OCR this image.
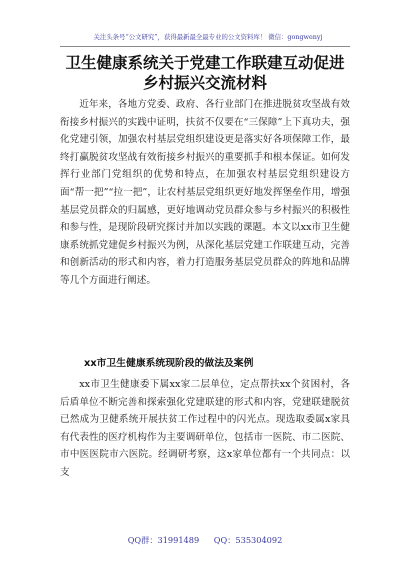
关注头条号“公文研究”，获得最新最全最专业的公文资料库！ 微信：gongwenyj
卫生健康系统关于党建工作联建互动促进
乡村振兴交流材料

近年来，各地方党委、政府、各行业部门在推进脱贫攻坚战有效衔接乡村振兴的实践中证明，扶贫不仅要在“三保障”上下真功夫，强化党建引领，加强农村基层党组织建设更是落实好各项保障工作，最终打赢脱贫攻坚战有效衔接乡村振兴的重要抓手和根本保证。如何发挥行业部门党组织的优势和特点，在加强农村基层党组织建设方面“帮一把”“拉一把”，让农村基层党组织更好地发挥堡垒作用，增强基层党员群众的归属感，更好地调动党员群众参与乡村振兴的积极性和参与性，是现阶段研究探讨并加以实践的课题。本文以xx市卫生健康系统抓党建促乡村振兴为例，从深化基层党建工作联建互动，完善和创新活动的形式和内容，着力打造服务基层党员群众的阵地和品牌等几个方面进行阐述。

xx市卫生健康系统现阶段的做法及案例

xx市卫生健康委下属xx家二层单位，定点帮扶xx个贫困村，各后盾单位不断完善和探索强化党建联建的形式和内容，党建联建脱贫已然成为卫健系统开展扶贫工作过程中的闪光点。现选取委属x家具有代表性的医疗机构作为主要调研单位，包括市一医院、市二医院、市中医医院市六医院。经调研考察，这x家单位都有一个共同点：以支

QQ群：31991489 QQ：535304092
